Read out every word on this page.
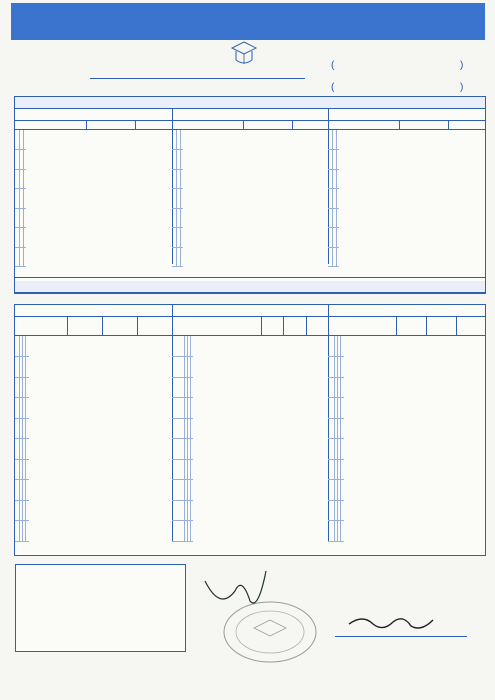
(	)
(	)
